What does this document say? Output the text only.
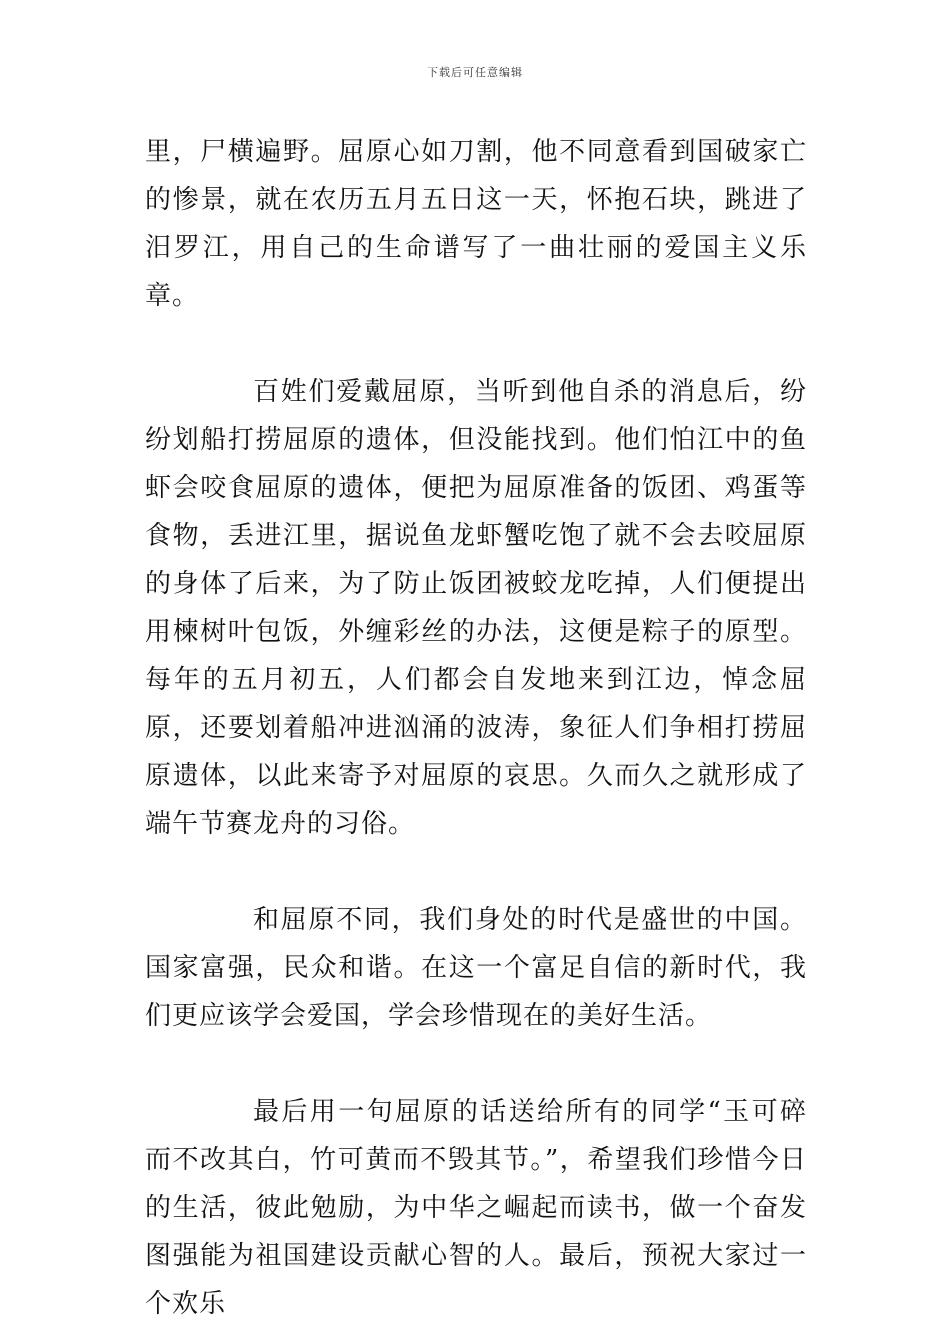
下载后可任意编辑

里，尸横遍野。屈原心如刀割，他不同意看到国破家亡的惨景，就在农历五月五日这一天，怀抱石块，跳进了汨罗江，用自己的生命谱写了一曲壮丽的爱国主义乐章。

百姓们爱戴屈原，当听到他自杀的消息后，纷纷划船打捞屈原的遗体，但没能找到。他们怕江中的鱼虾会咬食屈原的遗体，便把为屈原准备的饭团、鸡蛋等食物，丢进江里，据说鱼龙虾蟹吃饱了就不会去咬屈原的身体了后来，为了防止饭团被蛟龙吃掉，人们便提出用楝树叶包饭，外缠彩丝的办法，这便是粽子的原型。每年的五月初五，人们都会自发地来到江边，悼念屈原，还要划着船冲进汹涌的波涛，象征人们争相打捞屈原遗体，以此来寄予对屈原的哀思。久而久之就形成了端午节赛龙舟的习俗。

和屈原不同，我们身处的时代是盛世的中国。国家富强，民众和谐。在这一个富足自信的新时代，我们更应该学会爱国，学会珍惜现在的美好生活。

最后用一句屈原的话送给所有的同学“玉可碎而不改其白，竹可黄而不毁其节。”，希望我们珍惜今日的生活，彼此勉励，为中华之崛起而读书，做一个奋发图强能为祖国建设贡献心智的人。最后，预祝大家过一个欢乐
